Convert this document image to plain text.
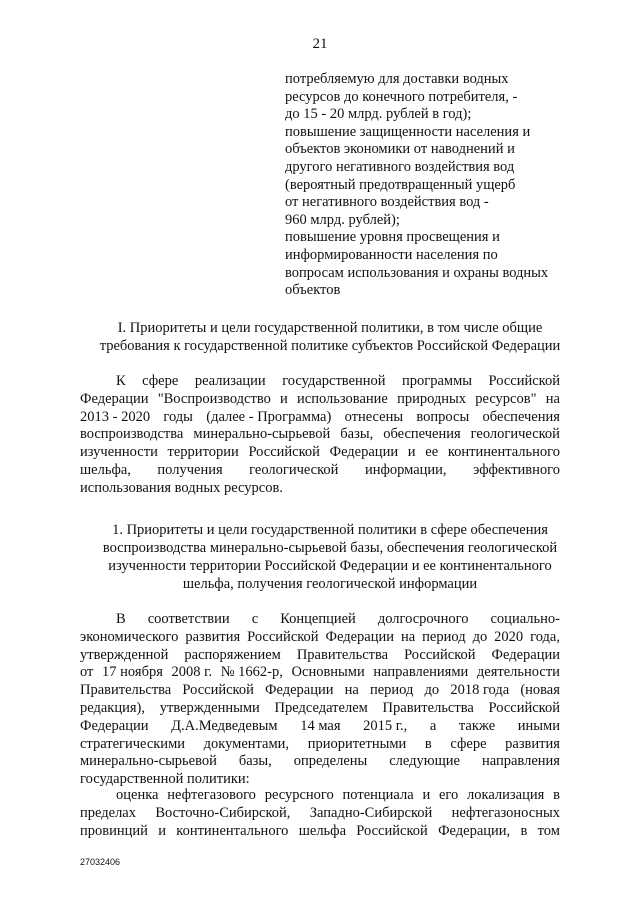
21
потребляемую для доставки водных
ресурсов до конечного потребителя, -
до 15 - 20 млрд. рублей в год);
повышение защищенности населения и
объектов экономики от наводнений и
другого негативного воздействия вод
(вероятный предотвращенный ущерб
от негативного воздействия вод -
960 млрд. рублей);
повышение уровня просвещения и
информированности населения по
вопросам использования и охраны водных
объектов
I. Приоритеты и цели государственной политики, в том числе общие
требования к государственной политике субъектов Российской Федерации
К сфере реализации государственной программы Российской
Федерации "Воспроизводство и использование природных ресурсов" на
2013 - 2020 годы (далее - Программа) отнесены вопросы обеспечения
воспроизводства минерально-сырьевой базы, обеспечения геологической
изученности территории Российской Федерации и ее континентального
шельфа, получения геологической информации, эффективного
использования водных ресурсов.
1. Приоритеты и цели государственной политики в сфере обеспечения
воспроизводства минерально-сырьевой базы, обеспечения геологической
изученности территории Российской Федерации и ее континентального
шельфа, получения геологической информации
В соответствии с Концепцией долгосрочного социально-
экономического развития Российской Федерации на период до 2020 года,
утвержденной распоряжением Правительства Российской Федерации
от 17 ноября 2008 г. № 1662-р, Основными направлениями деятельности
Правительства Российской Федерации на период до 2018 года (новая
редакция), утвержденными Председателем Правительства Российской
Федерации Д.А.Медведевым 14 мая 2015 г., а также иными
стратегическими документами, приоритетными в сфере развития
минерально-сырьевой базы, определены следующие направления
государственной политики:
оценка нефтегазового ресурсного потенциала и его локализация в
пределах Восточно-Сибирской, Западно-Сибирской нефтегазоносных
провинций и континентального шельфа Российской Федерации, в том
27032406
